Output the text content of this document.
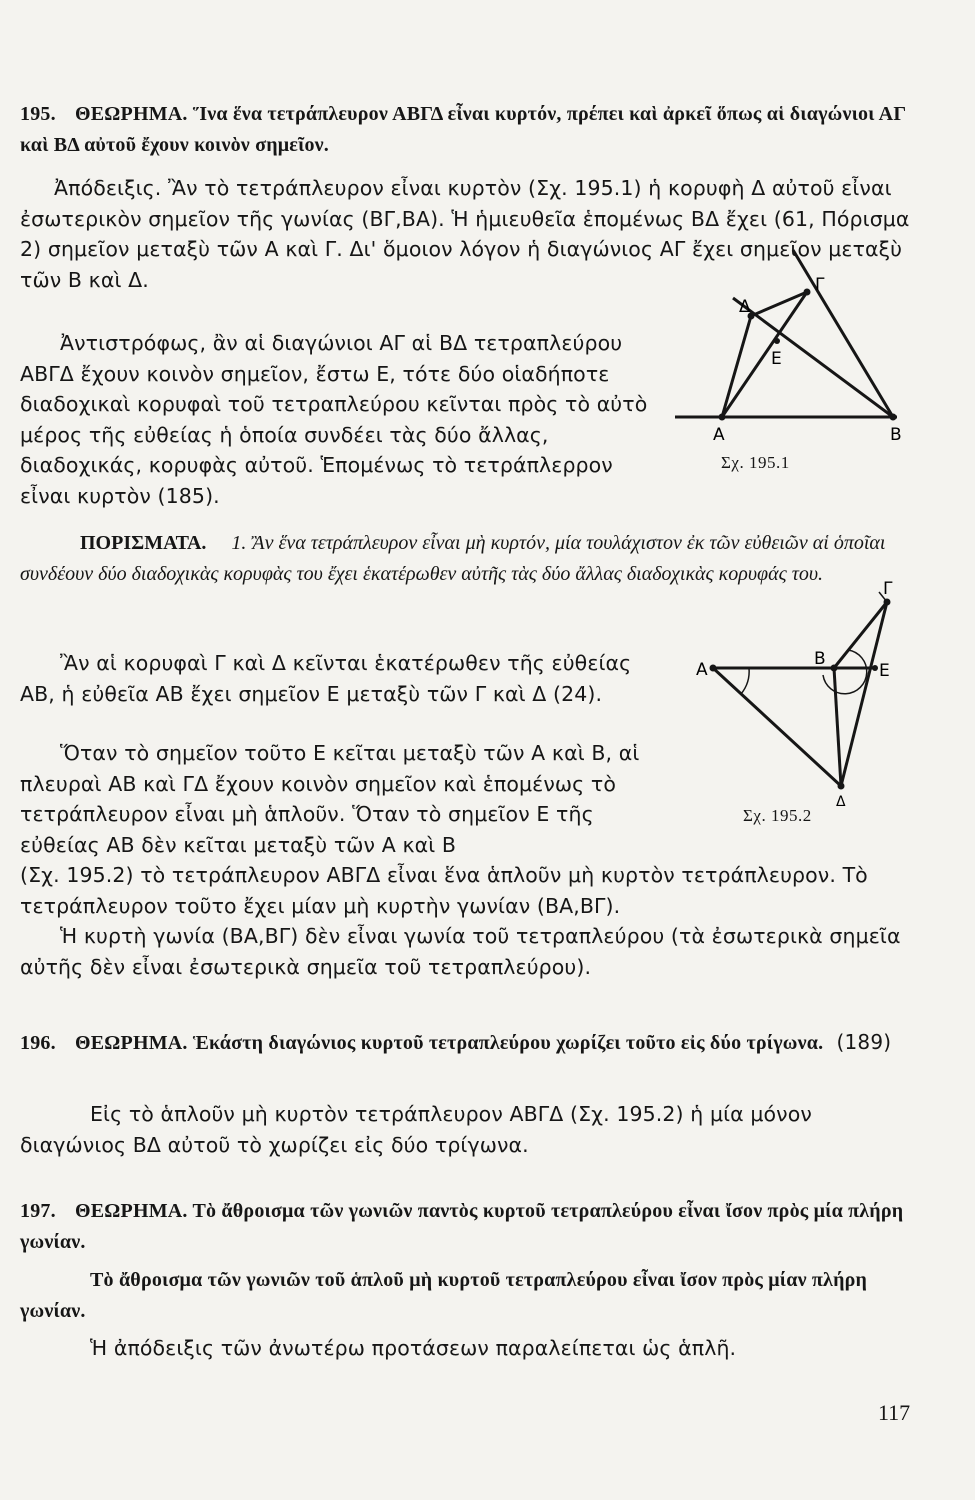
195. ΘΕΩΡΗΜΑ. Ἵνα ἕνα τετράπλευρον ΑΒΓΔ εἶναι κυρτόν, πρέπει καὶ ἀρκεῖ ὅπως αἱ διαγώνιοι ΑΓ καὶ ΒΔ αὐτοῦ ἔχουν κοινὸν σημεῖον.
Ἀπόδειξις. Ἂν τὸ τετράπλευρον εἶναι κυρτὸν (Σχ. 195.1) ἡ κορυφὴ Δ αὐτοῦ εἶναι ἐσωτερικὸν σημεῖον τῆς γωνίας (ΒΓ,ΒΑ). Ἡ ἡμιευθεῖα ἑπομένως ΒΔ ἔχει (61, Πόρισμα 2) σημεῖον μεταξὺ τῶν Α καὶ Γ. Δι' ὅμοιον λόγον ἡ διαγώνιος ΑΓ ἔχει σημεῖον μεταξὺ τῶν Β καὶ Δ.
Ἀντιστρόφως, ἂν αἱ διαγώνιοι ΑΓ αἱ ΒΔ τετραπλεύρου ΑΒΓΔ ἔχουν κοινὸν σημεῖον, ἔστω Ε, τότε δύο οἱαδήποτε διαδοχικαὶ κορυφαὶ τοῦ τετραπλεύρου κεῖνται πρὸς τὸ αὐτὸ μέρος τῆς εὐθείας ἡ ὁποία συνδέει τὰς δύο ἄλλας, διαδοχικάς, κορυφὰς αὐτοῦ. Ἑπομένως τὸ τετράπλερρον εἶναι κυρτὸν (185).
Α	Β
Γ
Δ
Ε
Σχ. 195.1
ΠΟΡΙΣΜΑΤΑ. 1. Ἂν ἕνα τετράπλευρον εἶναι μὴ κυρτόν, μία τουλάχιστον ἐκ τῶν εὐθειῶν αἱ ὁποῖαι συνδέουν δύο διαδοχικὰς κορυφὰς του ἔχει ἑκατέρωθεν αὐτῆς τὰς δύο ἄλλας διαδοχικὰς κορυφάς του.
Ἂν αἱ κορυφαὶ Γ καὶ Δ κεῖνται ἑκατέρωθεν τῆς εὐθείας ΑΒ, ἡ εὐθεῖα ΑΒ ἔχει σημεῖον Ε μεταξὺ τῶν Γ καὶ Δ (24).
Ὅταν τὸ σημεῖον τοῦτο Ε κεῖται μεταξὺ τῶν Α καὶ Β, αἱ πλευραὶ ΑΒ καὶ ΓΔ ἔχουν κοινὸν σημεῖον καὶ ἑπομένως τὸ τετράπλευρον εἶναι μὴ ἁπλοῦν. Ὅταν τὸ σημεῖον Ε τῆς εὐθείας ΑΒ δὲν κεῖται μεταξὺ τῶν Α καὶ Β
(Σχ. 195.2) τὸ τετράπλευρον ΑΒΓΔ εἶναι ἕνα ἁπλοῦν μὴ κυρτὸν τετράπλευρον. Τὸ τετράπλευρον τοῦτο ἔχει μίαν μὴ κυρτὴν γωνίαν (ΒΑ,ΒΓ).
Ἡ κυρτὴ γωνία (ΒΑ,ΒΓ) δὲν εἶναι γωνία τοῦ τετραπλεύρου (τὰ ἐσωτερικὰ σημεῖα αὐτῆς δὲν εἶναι ἐσωτερικὰ σημεῖα τοῦ τετραπλεύρου).
Α
Β
Γ
Δ
Ε
Σχ. 195.2
196. ΘΕΩΡΗΜΑ. Ἑκάστη διαγώνιος κυρτοῦ τετραπλεύρου χωρίζει τοῦτο εἰς δύο τρίγωνα. (189)
Εἰς τὸ ἁπλοῦν μὴ κυρτὸν τετράπλευρον ΑΒΓΔ (Σχ. 195.2) ἡ μία μόνον διαγώνιος ΒΔ αὐτοῦ τὸ χωρίζει εἰς δύο τρίγωνα.
197. ΘΕΩΡΗΜΑ. Τὸ ἄθροισμα τῶν γωνιῶν παντὸς κυρτοῦ τετραπλεύρου εἶναι ἴσον πρὸς μία πλήρη γωνίαν.
Τὸ ἄθροισμα τῶν γωνιῶν τοῦ ἁπλοῦ μὴ κυρτοῦ τετραπλεύρου εἶναι ἴσον πρὸς μίαν πλήρη γωνίαν.
Ἡ ἀπόδειξις τῶν ἀνωτέρω προτάσεων παραλείπεται ὡς ἁπλῆ.
117
